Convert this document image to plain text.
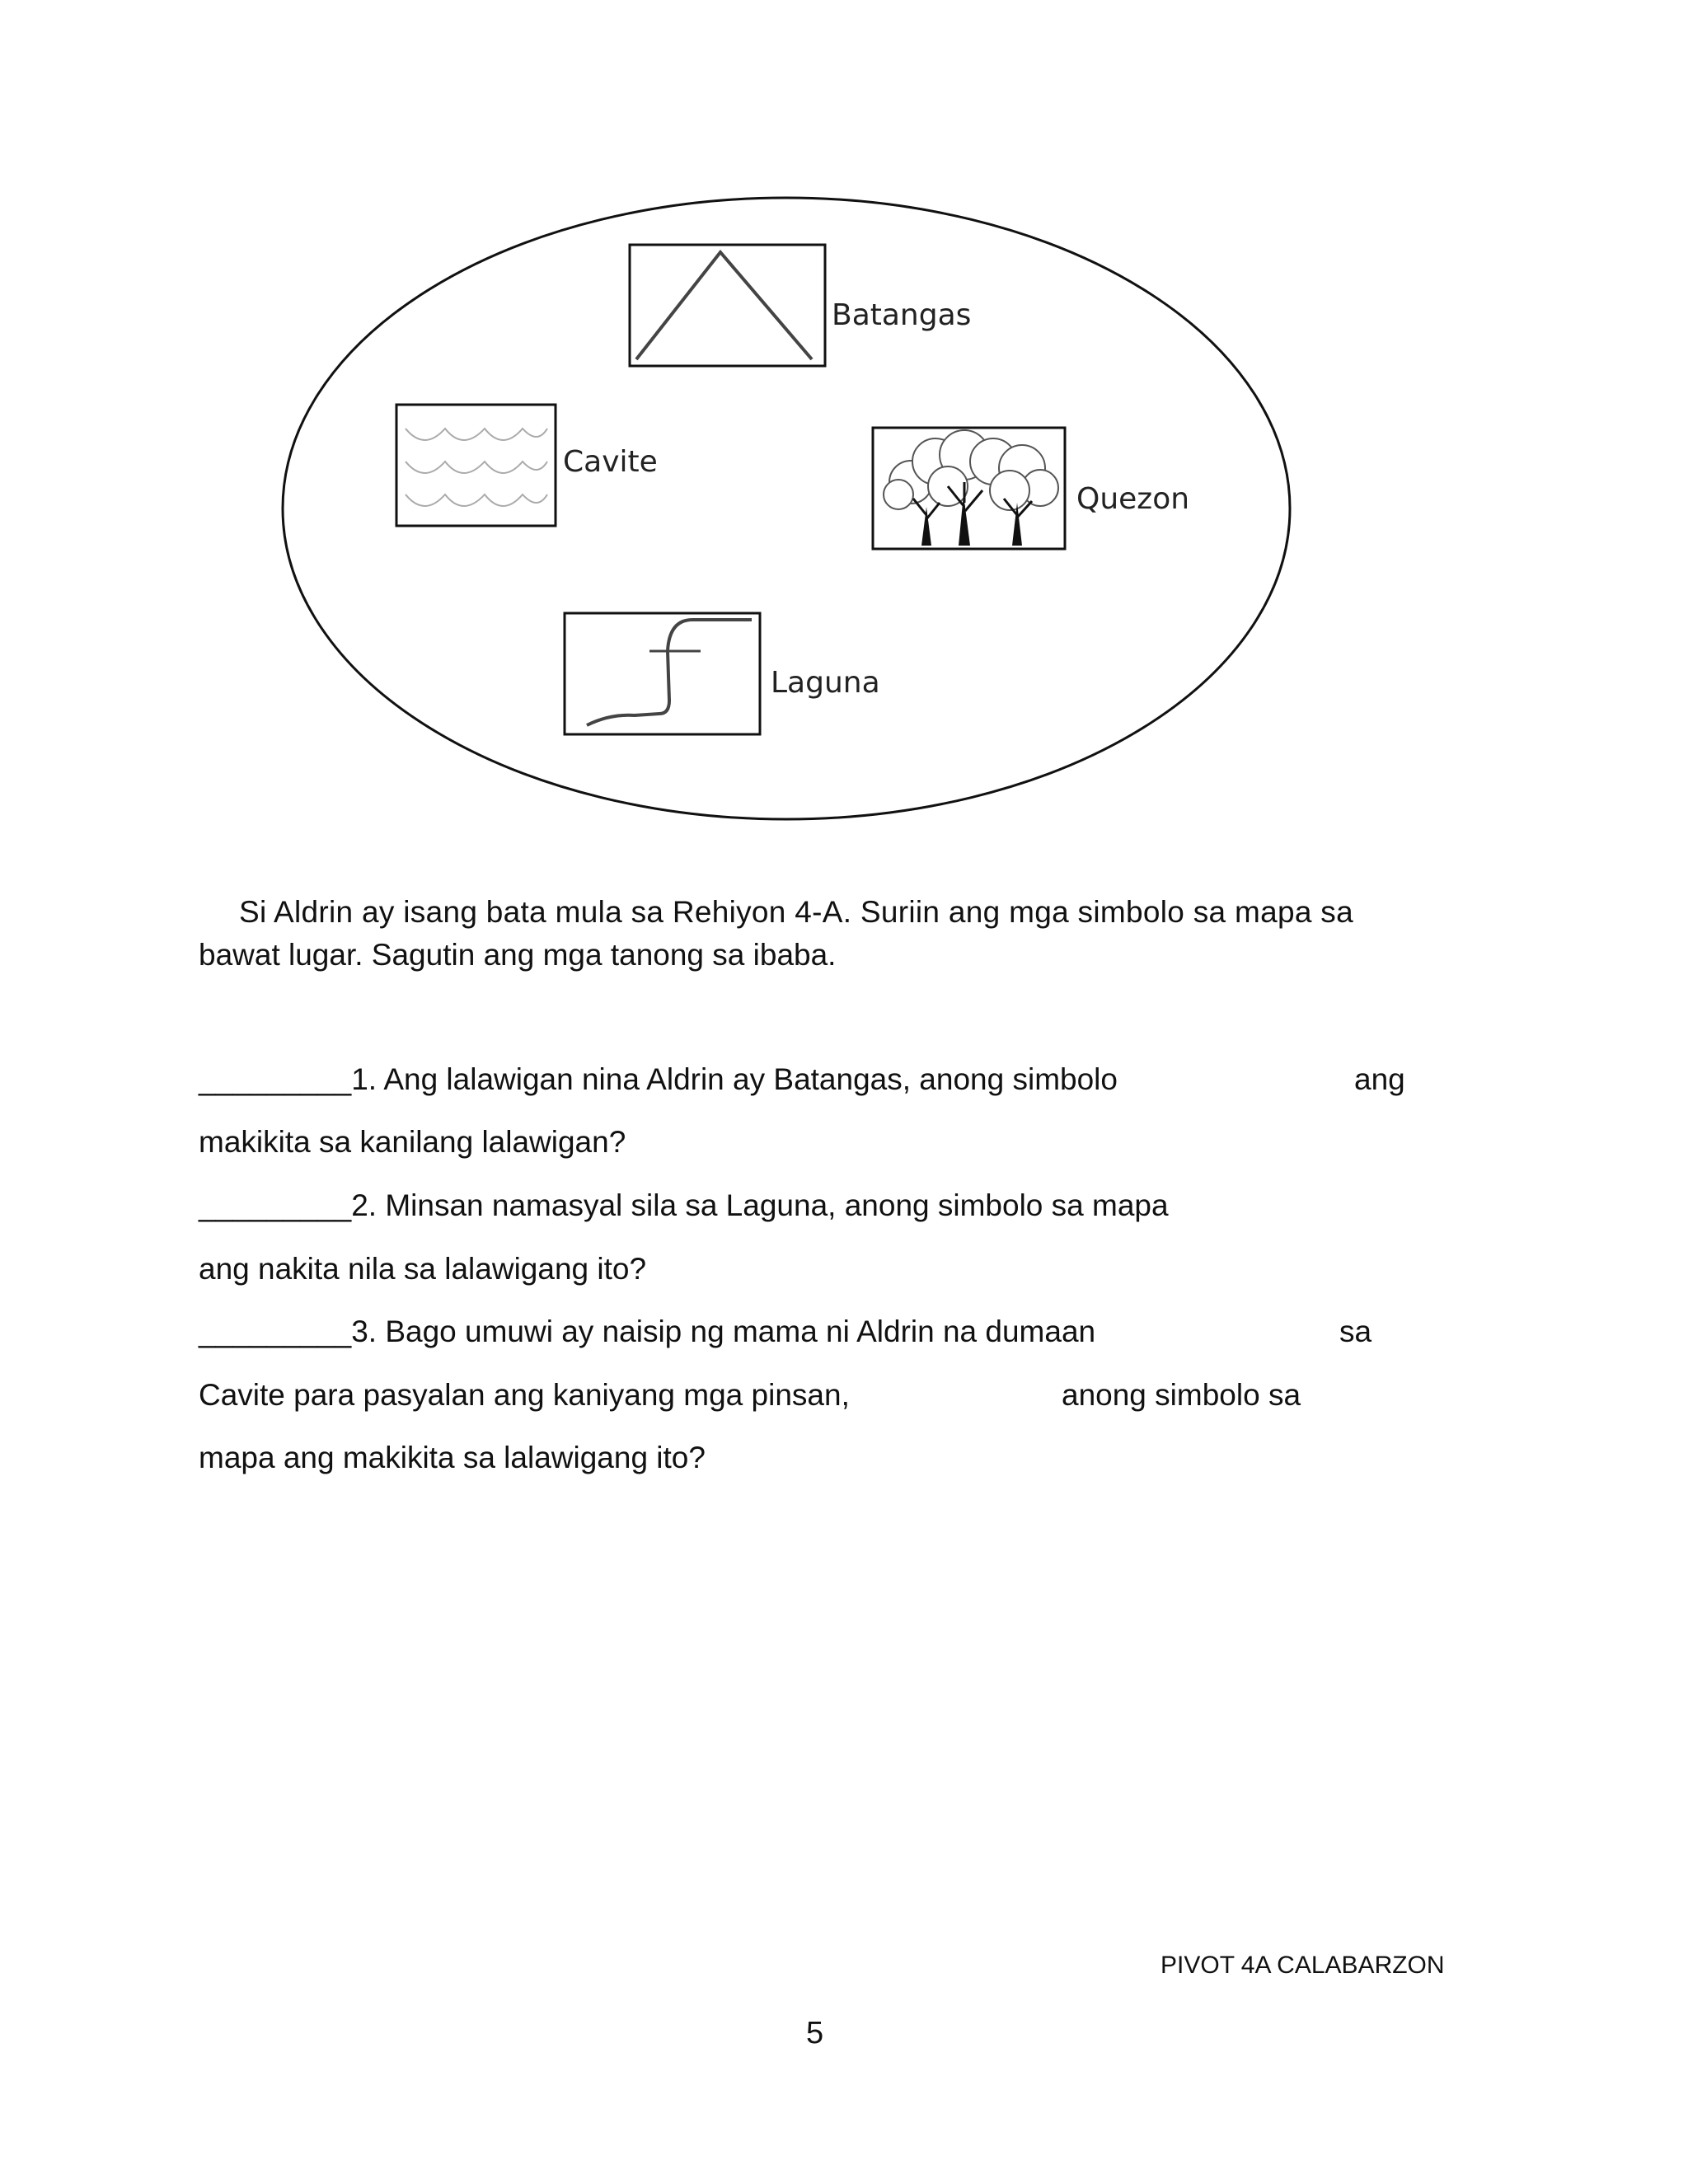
Batangas
Cavite
Quezon
Laguna
Si Aldrin ay isang bata mula sa Rehiyon 4-A. Suriin ang mga simbolo sa mapa sa
bawat lugar. Sagutin ang mga tanong sa ibaba.
_________1. Ang lalawigan nina Aldrin ay Batangas, anong simbolo	ang
makikita sa kanilang lalawigan?
_________2. Minsan namasyal sila sa Laguna, anong simbolo sa mapa
ang nakita nila sa lalawigang ito?
_________3. Bago umuwi ay naisip ng mama ni Aldrin na dumaan	sa
Cavite para pasyalan ang kaniyang mga pinsan,	anong simbolo sa
mapa ang makikita sa lalawigang ito?
PIVOT 4A CALABARZON
5
